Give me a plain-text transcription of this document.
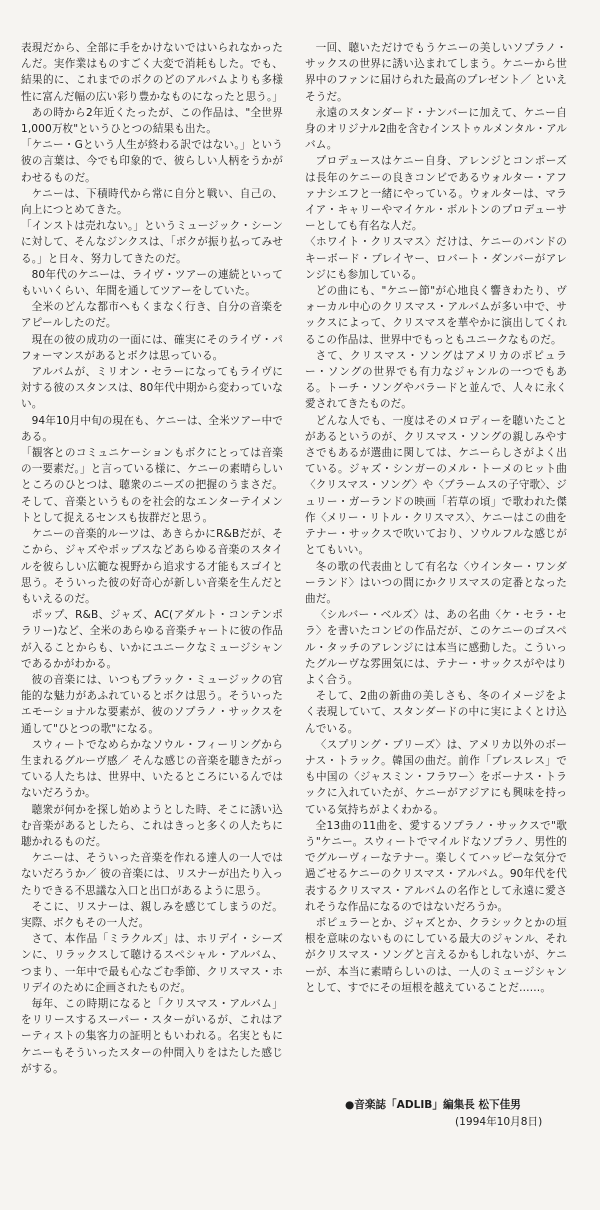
表現だから、全部に手をかけないではいられなかったんだ。実作業はものすごく大変で消耗もした。でも、結果的に、これまでのボクのどのアルバムよりも多様性に富んだ幅の広い彩り豊かなものになったと思う。」

あの時から2年近くたったが、この作品は、"全世界1,000万枚"というひとつの結果も出た。

「ケニー・Gという人生が終わる訳ではない。」という彼の言葉は、今でも印象的で、彼らしい人柄をうかがわせるものだ。

ケニーは、下積時代から常に自分と戦い、自己の、向上につとめてきた。

「インストは売れない。」というミュージック・シーンに対して、そんなジンクスは、「ボクが振り払ってみせる。」と日々、努力してきたのだ。

80年代のケニーは、ライヴ・ツアーの連続といってもいいくらい、年間を通してツアーをしていた。

全米のどんな都市へもくまなく行き、自分の音楽をアピールしたのだ。

現在の彼の成功の一面には、確実にそのライヴ・パフォーマンスがあるとボクは思っている。

アルバムが、ミリオン・セラーになってもライヴに対する彼のスタンスは、80年代中期から変わっていない。

94年10月中旬の現在も、ケニーは、全米ツアー中である。

「観客とのコミュニケーションもボクにとっては音楽の一要素だ。」と言っている様に、ケニーの素晴らしいところのひとつは、聴衆のニーズの把握のうまさだ。そして、音楽というものを社会的なエンターテイメントとして捉えるセンスも抜群だと思う。

ケニーの音楽的ルーツは、あきらかにR&Bだが、そこから、ジャズやポップスなどあらゆる音楽のスタイルを彼らしい広範な視野から追求する才能もスゴイと思う。そういった彼の好奇心が新しい音楽を生んだともいえるのだ。

ポップ、R&B、ジャズ、AC(アダルト・コンテンポラリー)など、全米のあらゆる音楽チャートに彼の作品が入ることからも、いかにユニークなミュージシャンであるかがわかる。

彼の音楽には、いつもブラック・ミュージックの官能的な魅力があふれているとボクは思う。そういったエモーショナルな要素が、彼のソプラノ・サックスを通して"ひとつの歌"になる。

スウィートでなめらかなソウル・フィーリングから生まれるグルーヴ感／ そんな感じの音楽を聴きたがっている人たちは、世界中、いたるところにいるんではないだろうか。

聴衆が何かを探し始めようとした時、そこに誘い込む音楽があるとしたら、これはきっと多くの人たちに聴かれるものだ。

ケニーは、そういった音楽を作れる達人の一人ではないだろうか／ 彼の音楽には、リスナーが出たり入ったりできる不思議な入口と出口があるように思う。

そこに、リスナーは、親しみを感じてしまうのだ。実際、ボクもその一人だ。

さて、本作品「ミラクルズ」は、ホリデイ・シーズンに、リラックスして聴けるスペシャル・アルバム、つまり、一年中で最も心なごむ季節、クリスマス・ホリデイのために企画されたものだ。

毎年、この時期になると「クリスマス・アルバム」をリリースするスーパー・スターがいるが、これはアーティストの集客力の証明ともいわれる。名実ともにケニーもそういったスターの仲間入りをはたした感じがする。

一回、聴いただけでもうケニーの美しいソプラノ・サックスの世界に誘い込まれてしまう。ケニーから世界中のファンに届けられた最高のプレゼント／ といえそうだ。

永遠のスタンダード・ナンバーに加えて、ケニー自身のオリジナル2曲を含むインストゥルメンタル・アルバム。

プロデュースはケニー自身、アレンジとコンポーズは長年のケニーの良きコンビであるウォルター・アファナシエフと一緒にやっている。ウォルターは、マライア・キャリーやマイケル・ボルトンのプロデューサーとしても有名な人だ。

〈ホワイト・クリスマス〉だけは、ケニーのバンドのキーボード・プレイヤー、ロバート・ダンバーがアレンジにも参加している。

どの曲にも、"ケニー節"が心地良く響きわたり、ヴォーカル中心のクリスマス・アルバムが多い中で、サックスによって、クリスマスを華やかに演出してくれるこの作品は、世界中でもっともユニークなものだ。

さて、クリスマス・ソングはアメリカのポピュラー・ソングの世界でも有力なジャンルの一つでもある。トーチ・ソングやバラードと並んで、人々に永く愛されてきたものだ。

どんな人でも、一度はそのメロディーを聴いたことがあるというのが、クリスマス・ソングの親しみやすさでもあるが選曲に関しては、ケニーらしさがよく出ている。ジャズ・シンガーのメル・トーメのヒット曲〈クリスマス・ソング〉や〈ブラームスの子守歌〉、ジュリー・ガーランドの映画「若草の頃」で歌われた傑作〈メリー・リトル・クリスマス〉、ケニーはこの曲をテナー・サックスで吹いており、ソウルフルな感じがとてもいい。

冬の歌の代表曲として有名な〈ウインター・ワンダーランド〉はいつの間にかクリスマスの定番となった曲だ。

〈シルバー・ベルズ〉は、あの名曲〈ケ・セラ・セラ〉を書いたコンビの作品だが、このケニーのゴスペル・タッチのアレンジには本当に感動した。こういったグルーヴな雰囲気には、テナー・サックスがやはりよく合う。

そして、2曲の新曲の美しさも、冬のイメージをよく表現していて、スタンダードの中に実によくとけ込んでいる。

〈スプリング・ブリーズ〉は、アメリカ以外のボーナス・トラック。韓国の曲だ。前作「ブレスレス」でも中国の〈ジャスミン・フラワー〉をボーナス・トラックに入れていたが、ケニーがアジアにも興味を持っている気持ちがよくわかる。

全13曲の11曲を、愛するソプラノ・サックスで"歌う"ケニー。スウィートでマイルドなソプラノ、男性的でグルーヴィーなテナー。楽しくてハッピーな気分で過ごせるケニーのクリスマス・アルバム。90年代を代表するクリスマス・アルバムの名作として永遠に愛されそうな作品になるのではないだろうか。

ポピュラーとか、ジャズとか、クラシックとかの垣根を意味のないものにしている最大のジャンル、それがクリスマス・ソングと言えるかもしれないが、ケニーが、本当に素晴らしいのは、一人のミュージシャンとして、すでにその垣根を越えていることだ……。

●音楽誌「ADLIB」編集長 松下佳男

(1994年10月8日)
